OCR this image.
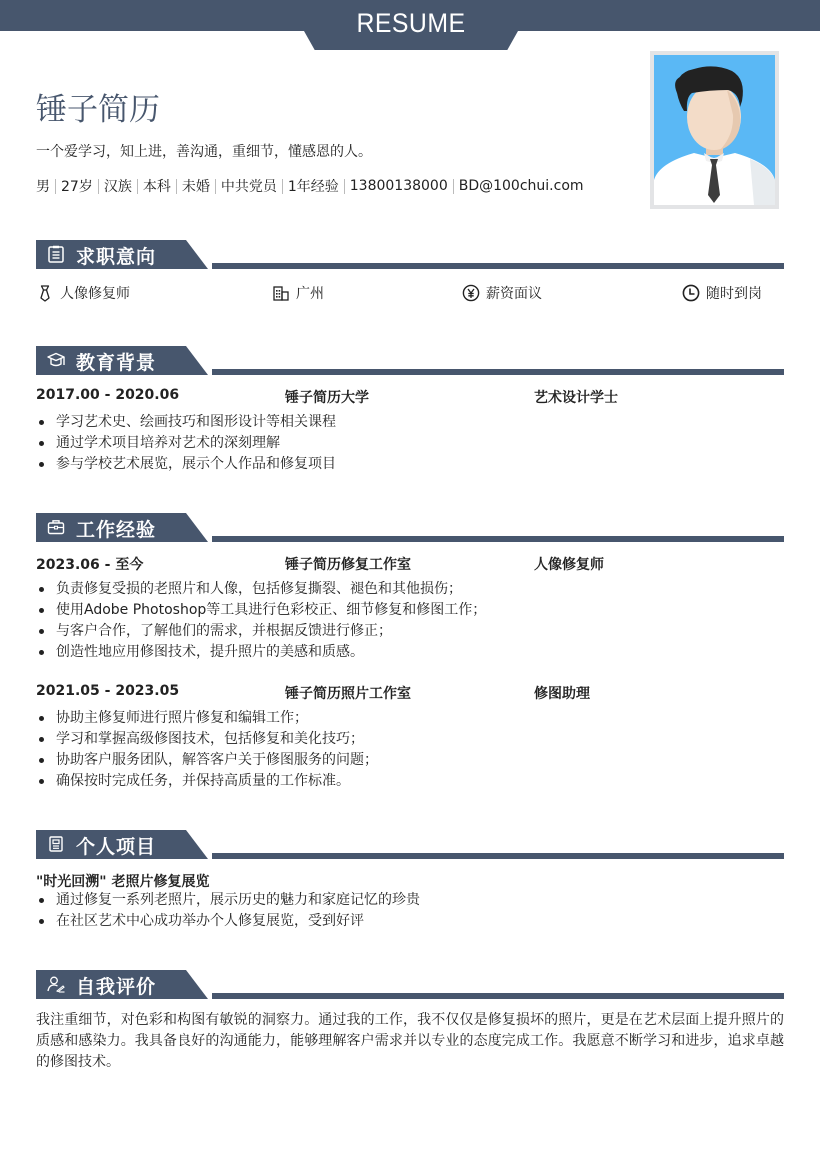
RESUME
锤子简历
一个爱学习，知上进，善沟通，重细节，懂感恩的人。
男 27岁 汉族 本科 未婚 中共党员 1年经验 13800138000 BD@100chui.com
求职意向
人像修复师	广州	薪资面议	随时到岗
教育背景
2017.00 - 2020.06	锤子简历大学	艺术设计学士
学习艺术史、绘画技巧和图形设计等相关课程
通过学术项目培养对艺术的深刻理解
参与学校艺术展览，展示个人作品和修复项目
工作经验
2023.06 - 至今	锤子简历修复工作室	人像修复师
负责修复受损的老照片和人像，包括修复撕裂、褪色和其他损伤；
使用Adobe Photoshop等工具进行色彩校正、细节修复和修图工作；
与客户合作，了解他们的需求，并根据反馈进行修正；
创造性地应用修图技术，提升照片的美感和质感。
2021.05 - 2023.05	锤子简历照片工作室	修图助理
协助主修复师进行照片修复和编辑工作；
学习和掌握高级修图技术，包括修复和美化技巧；
协助客户服务团队，解答客户关于修图服务的问题；
确保按时完成任务，并保持高质量的工作标准。
个人项目
"时光回溯" 老照片修复展览
通过修复一系列老照片，展示历史的魅力和家庭记忆的珍贵
在社区艺术中心成功举办个人修复展览，受到好评
自我评价

我注重细节，对色彩和构图有敏锐的洞察力。通过我的工作，我不仅仅是修复损坏的照片，更是在艺术层面上提升照片的质感和感染力。我具备良好的沟通能力，能够理解客户需求并以专业的态度完成工作。我愿意不断学习和进步，追求卓越的修图技术。
